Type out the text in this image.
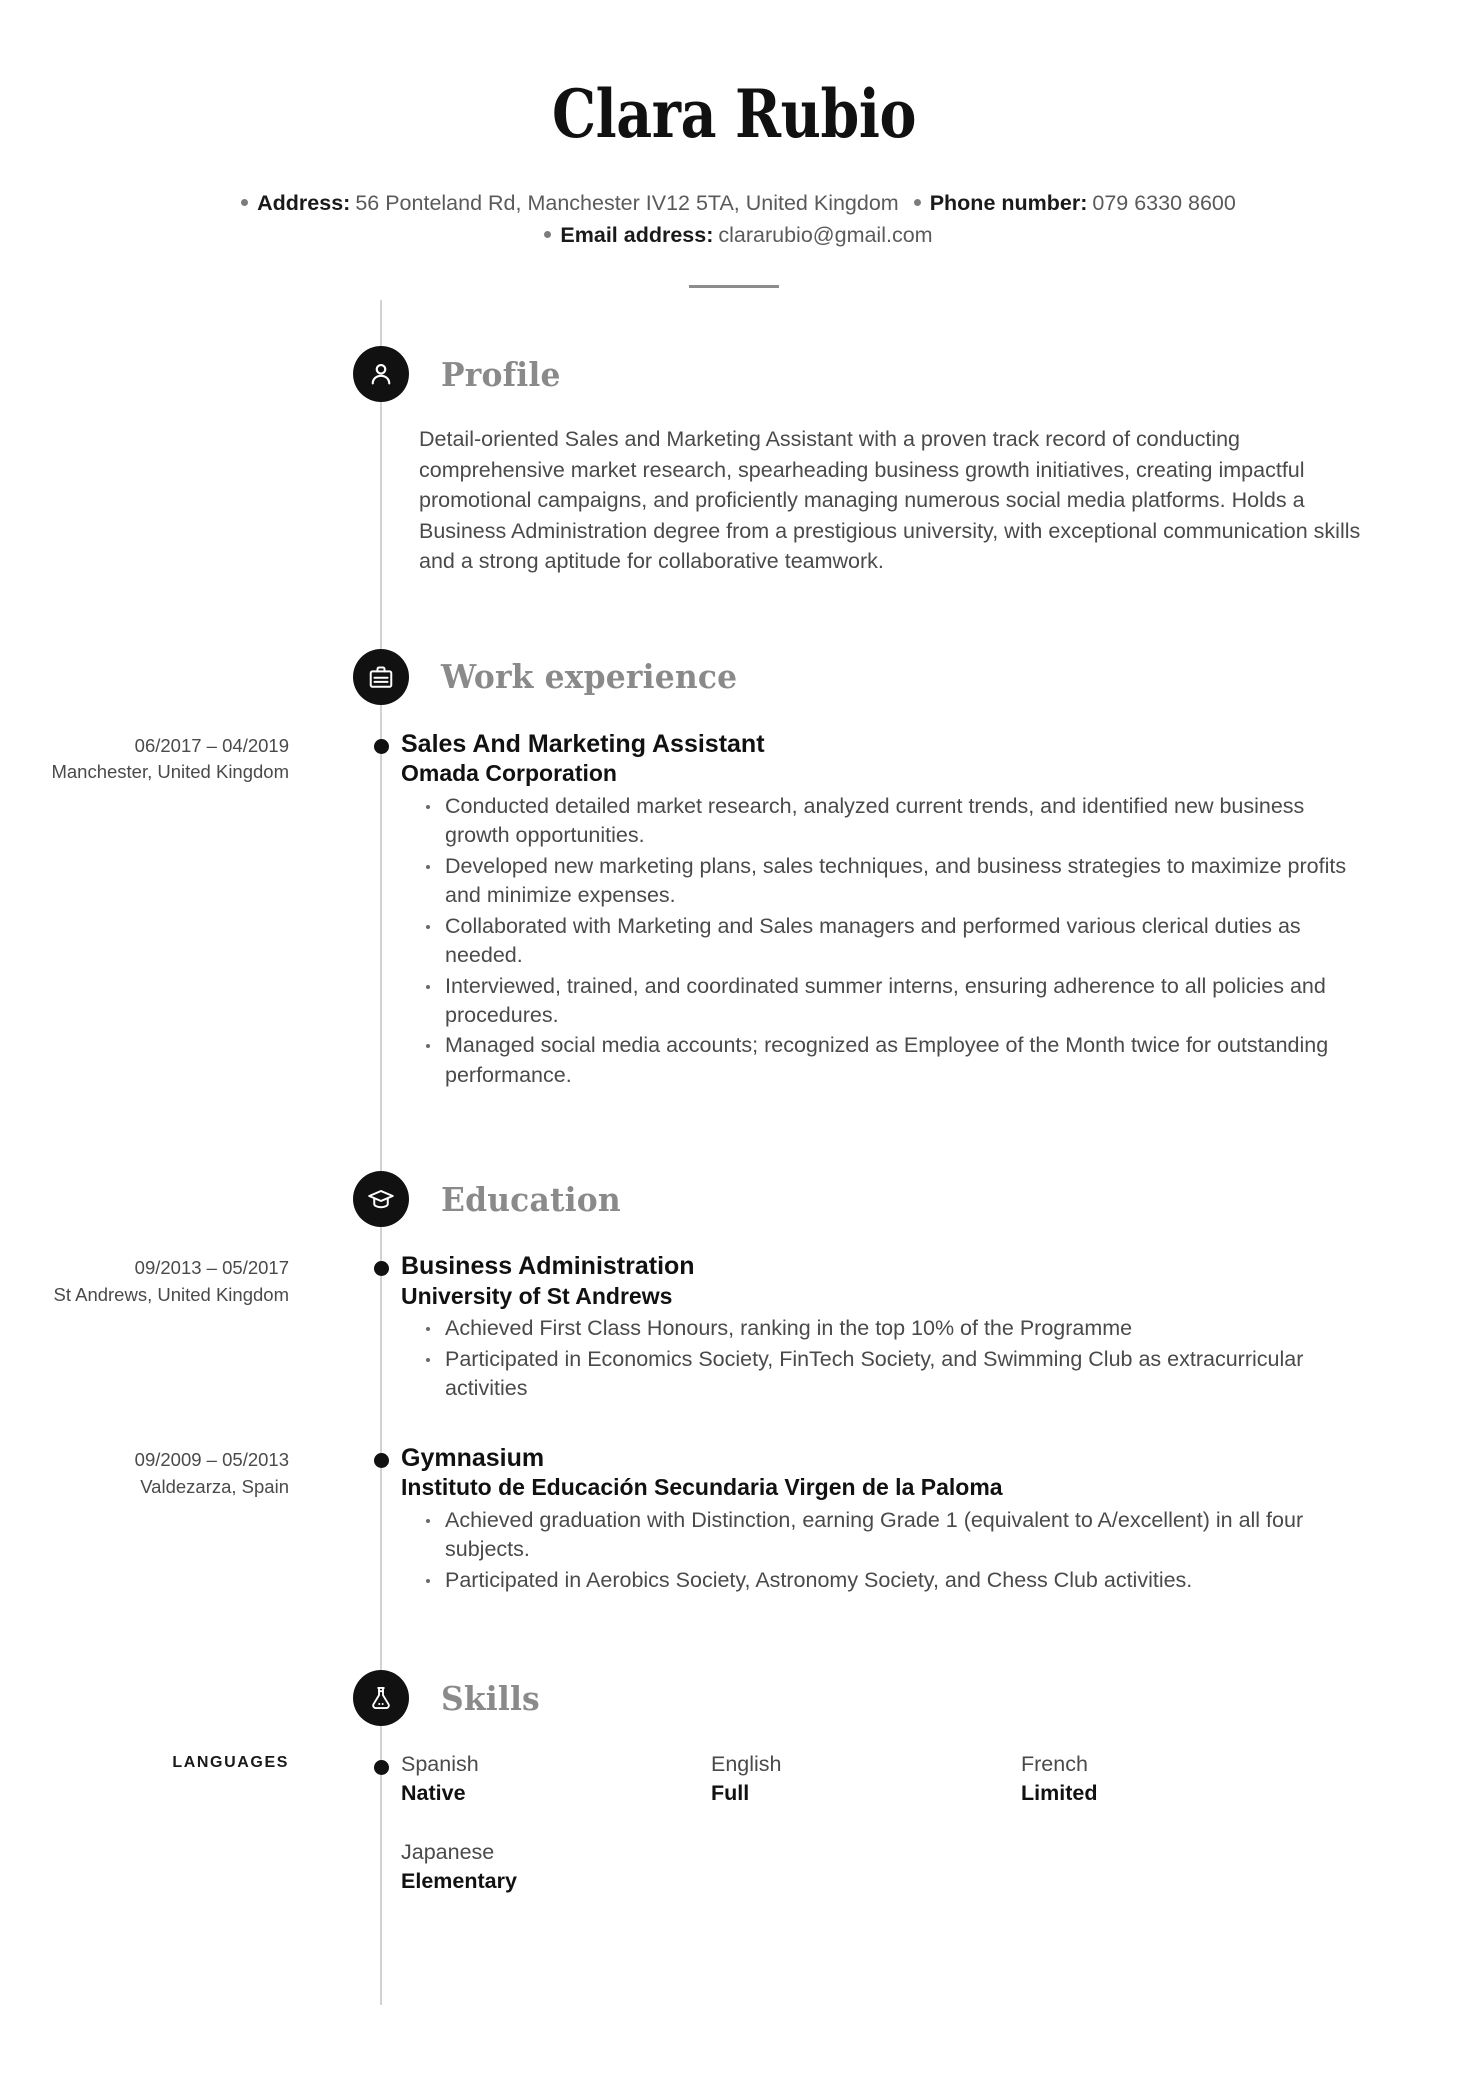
Clara Rubio
Address: 56 Ponteland Rd, Manchester IV12 5TA, United Kingdom Phone number: 079 6330 8600
Email address: clararubio@gmail.com
Profile
Detail-oriented Sales and Marketing Assistant with a proven track record of conducting comprehensive market research, spearheading business growth initiatives, creating impactful promotional campaigns, and proficiently managing numerous social media platforms. Holds a Business Administration degree from a prestigious university, with exceptional communication skills and a strong aptitude for collaborative teamwork.
Work experience
06/2017 – 04/2019
Manchester, United Kingdom
Sales And Marketing Assistant
Omada Corporation
Conducted detailed market research, analyzed current trends, and identified new business growth opportunities.
Developed new marketing plans, sales techniques, and business strategies to maximize profits and minimize expenses.
Collaborated with Marketing and Sales managers and performed various clerical duties as needed.
Interviewed, trained, and coordinated summer interns, ensuring adherence to all policies and procedures.
Managed social media accounts; recognized as Employee of the Month twice for outstanding performance.
Education
09/2013 – 05/2017
St Andrews, United Kingdom
Business Administration
University of St Andrews
Achieved First Class Honours, ranking in the top 10% of the Programme
Participated in Economics Society, FinTech Society, and Swimming Club as extracurricular activities
09/2009 – 05/2013
Valdezarza, Spain
Gymnasium
Instituto de Educación Secundaria Virgen de la Paloma
Achieved graduation with Distinction, earning Grade 1 (equivalent to A/excellent) in all four subjects.
Participated in Aerobics Society, Astronomy Society, and Chess Club activities.
Skills
LANGUAGES	Spanish
Native
English
Full
French
Limited
Japanese
Elementary
